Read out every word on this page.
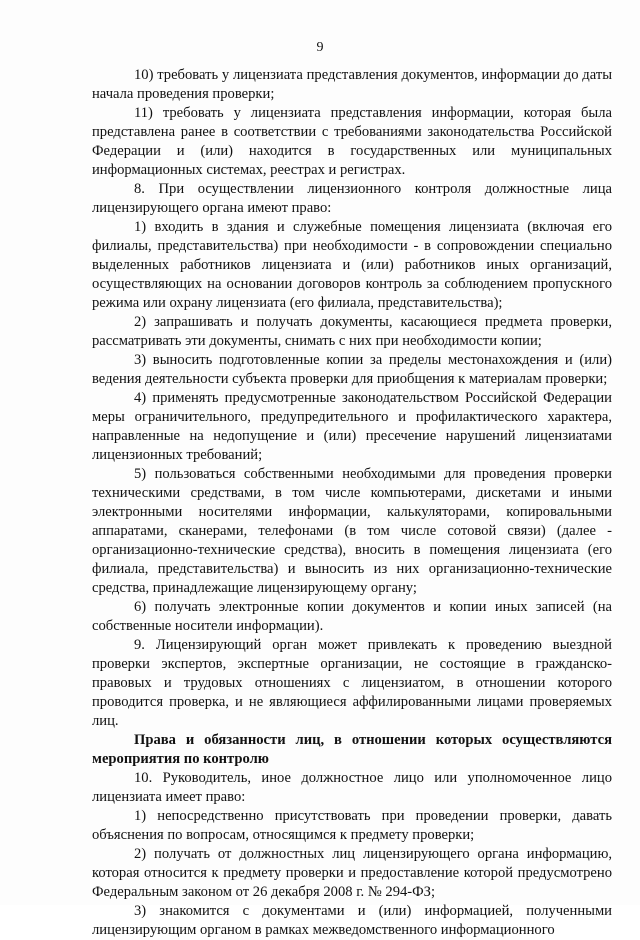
9

10) требовать у лицензиата представления документов, информации до даты начала проведения проверки;

11) требовать у лицензиата представления информации, которая была представлена ранее в соответствии с требованиями законодательства Российской Федерации и (или) находится в государственных или муниципальных информационных системах, реестрах и регистрах.

8. При осуществлении лицензионного контроля должностные лица лицензирующего органа имеют право:

1) входить в здания и служебные помещения лицензиата (включая его филиалы, представительства) при необходимости - в сопровождении специально выделенных работников лицензиата и (или) работников иных организаций, осуществляющих на основании договоров контроль за соблюдением пропускного режима или охрану лицензиата (его филиала, представительства);

2) запрашивать и получать документы, касающиеся предмета проверки, рассматривать эти документы, снимать с них при необходимости копии;

3) выносить подготовленные копии за пределы местонахождения и (или) ведения деятельности субъекта проверки для приобщения к материалам проверки;

4) применять предусмотренные законодательством Российской Федерации меры ограничительного, предупредительного и профилактического характера, направленные на недопущение и (или) пресечение нарушений лицензиатами лицензионных требований;

5) пользоваться собственными необходимыми для проведения проверки техническими средствами, в том числе компьютерами, дискетами и иными электронными носителями информации, калькуляторами, копировальными аппаратами, сканерами, телефонами (в том числе сотовой связи) (далее - организационно-технические средства), вносить в помещения лицензиата (его филиала, представительства) и выносить из них организационно-технические средства, принадлежащие лицензирующему органу;

6) получать электронные копии документов и копии иных записей (на собственные носители информации).

9. Лицензирующий орган может привлекать к проведению выездной проверки экспертов, экспертные организации, не состоящие в гражданско-правовых и трудовых отношениях с лицензиатом, в отношении которого проводится проверка, и не являющиеся аффилированными лицами проверяемых лиц.

Права и обязанности лиц, в отношении которых осуществляются мероприятия по контролю

10. Руководитель, иное должностное лицо или уполномоченное лицо лицензиата имеет право:

1) непосредственно присутствовать при проведении проверки, давать объяснения по вопросам, относящимся к предмету проверки;

2) получать от должностных лиц лицензирующего органа информацию, которая относится к предмету проверки и предоставление которой предусмотрено Федеральным законом от 26 декабря 2008 г. № 294-ФЗ;

3) знакомится с документами и (или) информацией, полученными лицензирующим органом в рамках межведомственного информационного
